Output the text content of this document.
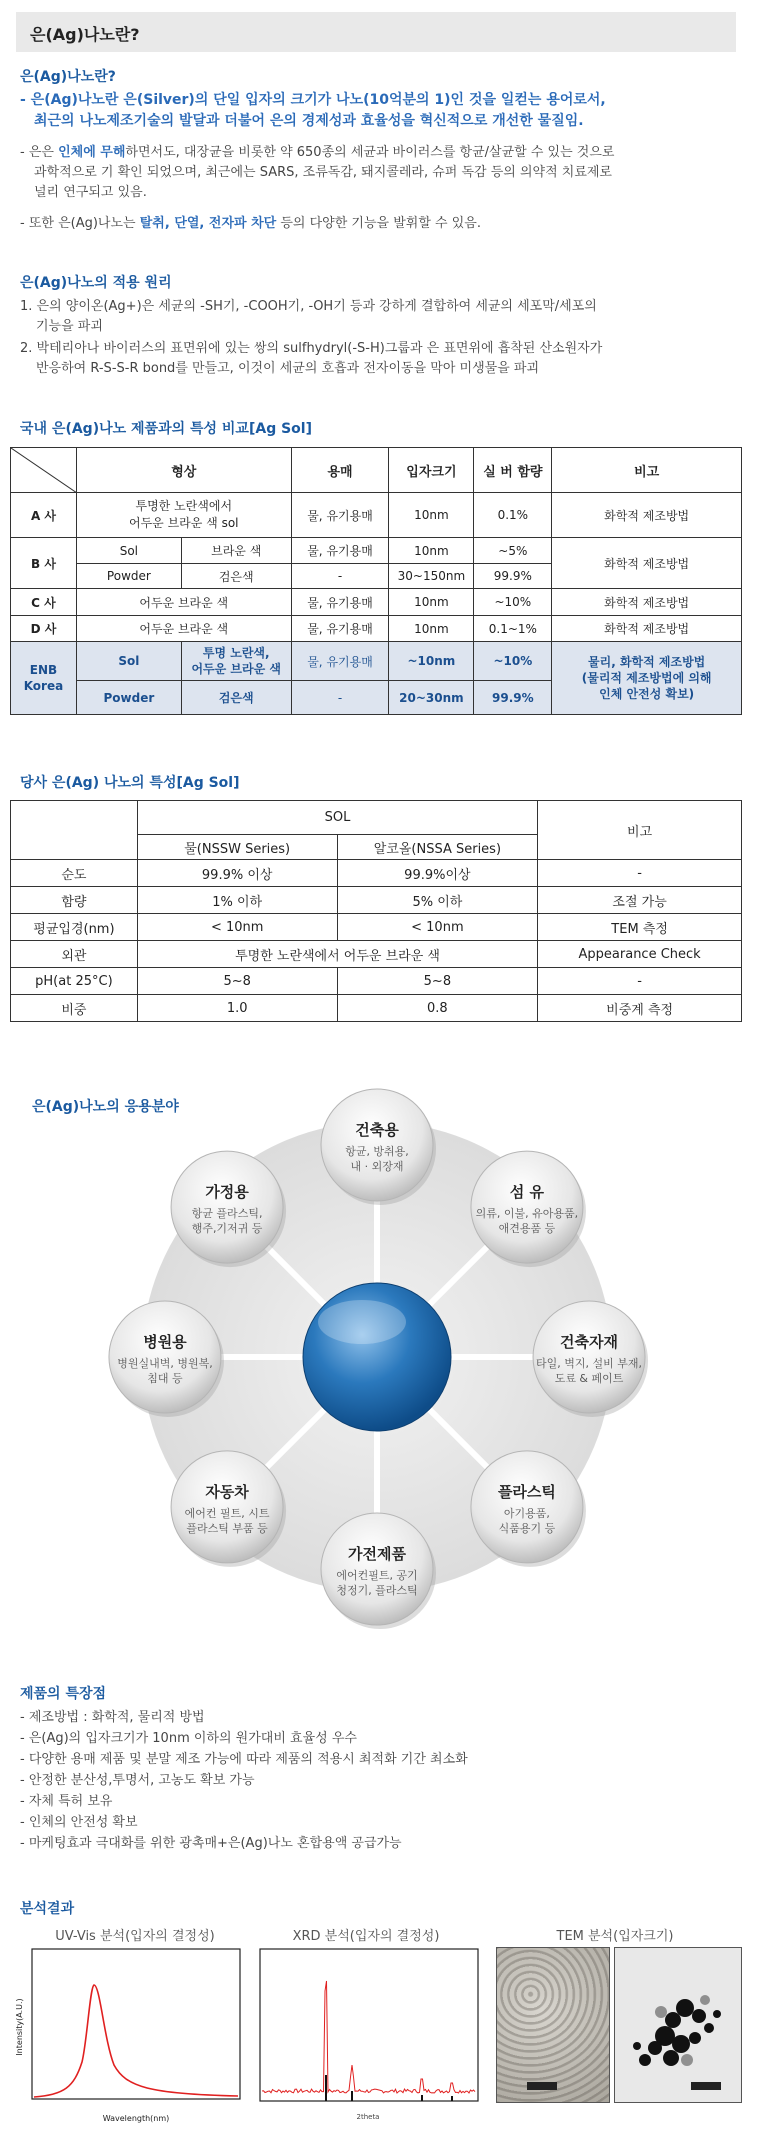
은(Ag)나노란?
은(Ag)나노란?
- 은(Ag)나노란 은(Silver)의 단일 입자의 크기가 나노(10억분의 1)인 것을 일컫는 용어로서,
최근의 나노제조기술의 발달과 더불어 은의 경제성과 효율성을 혁신적으로 개선한 물질임.
- 은은 인체에 무해하면서도, 대장균을 비롯한 약 650종의 세균과 바이러스를 항균/살균할 수 있는 것으로
과학적으로 기 확인 되었으며, 최근에는 SARS, 조류독감, 돼지콜레라, 슈퍼 독감 등의 의약적 치료제로
널리 연구되고 있음.
- 또한 은(Ag)나노는 탈취, 단열, 전자파 차단 등의 다양한 기능을 발휘할 수 있음.
은(Ag)나노의 적용 원리
1. 은의 양이온(Ag+)은 세균의 -SH기, -COOH기, -OH기 등과 강하게 결합하여 세균의 세포막/세포의
기능을 파괴
2. 박테리아나 바이러스의 표면위에 있는 쌍의 sulfhydryl(-S-H)그룹과 은 표면위에 흡착된 산소원자가
반응하여 R-S-S-R bond를 만들고, 이것이 세균의 호흡과 전자이동을 막아 미생물을 파괴
국내 은(Ag)나노 제품과의 특성 비교[Ag Sol]
	형상		용매	입자크기	실 버 함량	비고
A 사	투명한 노란색에서
어두운 브라운 색 sol		물, 유기용매	10nm	0.1%	화학적 제조방법
B 사	Sol	브라운 색	물, 유기용매	10nm	~5%	화학적 제조방법
	Powder	검은색	-	30~150nm	99.9%	
C 사	어두운 브라운 색		물, 유기용매	10nm	~10%	화학적 제조방법
D 사	어두운 브라운 색		물, 유기용매	10nm	0.1~1%	화학적 제조방법
ENB
Korea	Sol	투명 노란색,
어두운 브라운 색	물, 유기용매	~10nm	~10%	물리, 화학적 제조방법
(물리적 제조방법에 의해
인체 안전성 확보)
	Powder	검은색	-	20~30nm	99.9%	
당사 은(Ag) 나노의 특성[Ag Sol]
	SOL		비고
	물(NSSW Series)	알코올(NSSA Series)	
순도	99.9% 이상	99.9%이상	-
함량	1% 이하	5% 이하	조절 가능
평균입경(nm)	< 10nm	< 10nm	TEM 측정
외관	투명한 노란색에서 어두운 브라운 색		Appearance Check
pH(at 25°C)	5~8	5~8	-
비중	1.0	0.8	비중계 측정
은(Ag)나노의 응용분야
건축용
항균, 방취용,
내 · 외장재
섬 유
의류, 이불, 유아용품,
애견용품 등
건축자재
타일, 벽지, 설비 부재,
도료 & 페이트
플라스틱
아기용품,
식품용기 등
가전제품
에어컨필트, 공기
청정기, 플라스틱
자동차
에어컨 필트, 시트
플라스틱 부품 등
병원용
병원실내벽, 병원복,
침대 등
가정용
항균 플라스틱,
행주,기저귀 등
제품의 특장점
- 제조방법 : 화학적, 물리적 방법
- 은(Ag)의 입자크기가 10nm 이하의 원가대비 효율성 우수
- 다양한 용매 제품 및 분말 제조 가능에 따라 제품의 적용시 최적화 기간 최소화
- 안정한 분산성,투명서, 고농도 확보 가능
- 자체 특허 보유
- 인체의 안전성 확보
- 마케팅효과 극대화를 위한 광촉매+은(Ag)나노 혼합용액 공급가능
분석결과
UV-Vis 분석(입자의 결정성)	XRD 분석(입자의 결정성)	TEM 분석(입자크기)
Wavelength(nm)
Intensity(A.U.)
2theta
